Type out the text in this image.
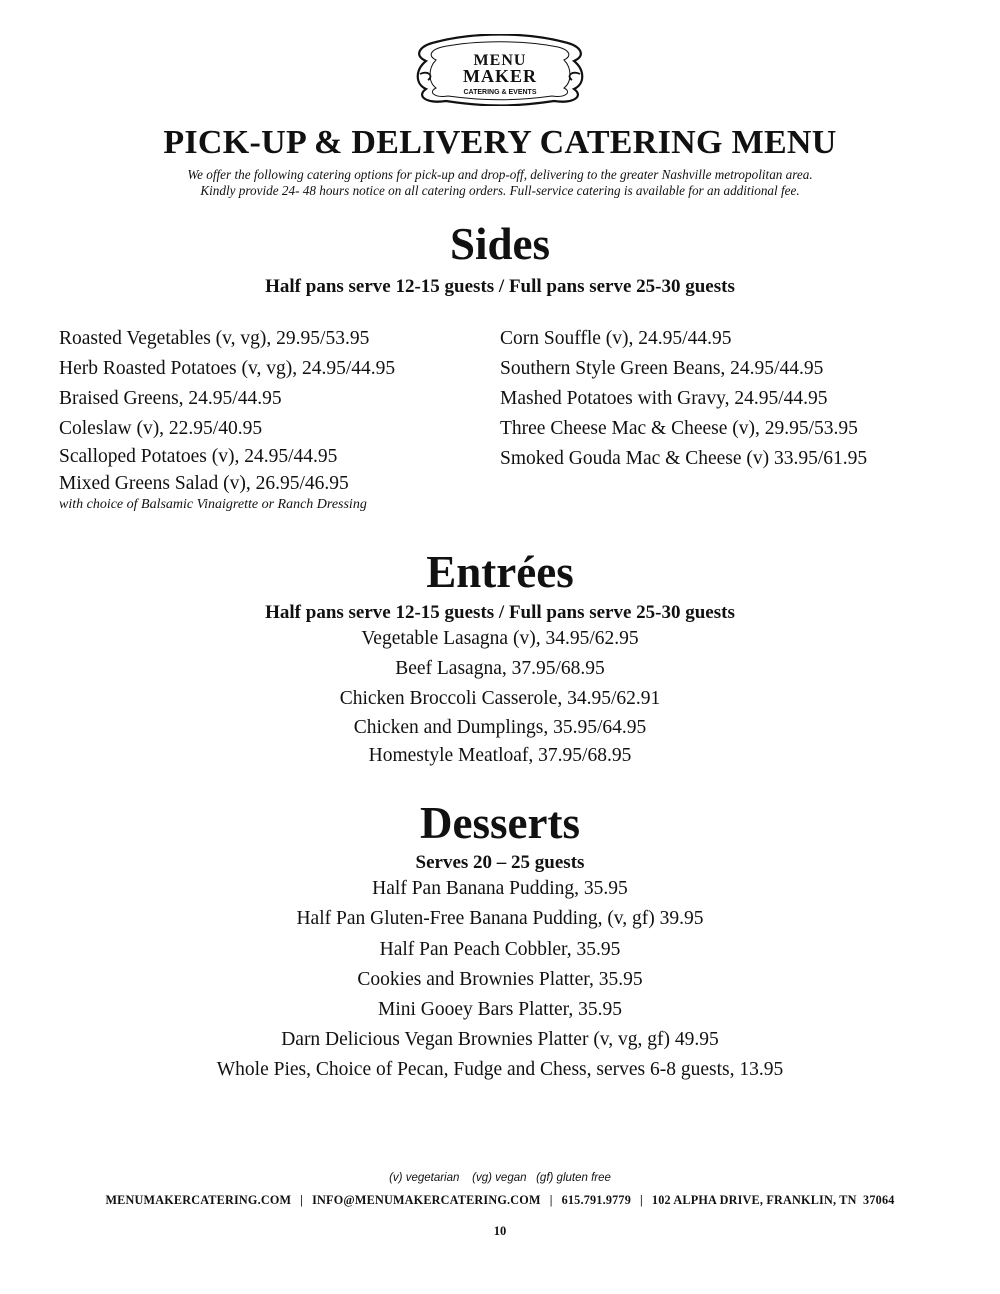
MENU
MAKER
CATERING & EVENTS
PICK-UP & DELIVERY CATERING MENU
We offer the following catering options for pick-up and drop-off, delivering to the greater Nashville metropolitan area.
Kindly provide 24- 48 hours notice on all catering orders. Full-service catering is available for an additional fee.
Sides
Half pans serve 12-15 guests / Full pans serve 25-30 guests
Roasted Vegetables (v, vg), 29.95/53.95
Herb Roasted Potatoes (v, vg), 24.95/44.95
Braised Greens, 24.95/44.95
Coleslaw (v), 22.95/40.95
Scalloped Potatoes (v), 24.95/44.95
Mixed Greens Salad (v), 26.95/46.95
with choice of Balsamic Vinaigrette or Ranch Dressing
Corn Souffle (v), 24.95/44.95
Southern Style Green Beans, 24.95/44.95
Mashed Potatoes with Gravy, 24.95/44.95
Three Cheese Mac & Cheese (v), 29.95/53.95
Smoked Gouda Mac & Cheese (v) 33.95/61.95
Entrées
Half pans serve 12-15 guests / Full pans serve 25-30 guests
Vegetable Lasagna (v), 34.95/62.95
Beef Lasagna, 37.95/68.95
Chicken Broccoli Casserole, 34.95/62.91
Chicken and Dumplings, 35.95/64.95
Homestyle Meatloaf, 37.95/68.95
Desserts
Serves 20 – 25 guests
Half Pan Banana Pudding, 35.95
Half Pan Gluten-Free Banana Pudding, (v, gf) 39.95
Half Pan Peach Cobbler, 35.95
Cookies and Brownies Platter, 35.95
Mini Gooey Bars Platter, 35.95
Darn Delicious Vegan Brownies Platter (v, vg, gf) 49.95
Whole Pies, Choice of Pecan, Fudge and Chess, serves 6-8 guests, 13.95
(v) vegetarian    (vg) vegan   (gf) gluten free
MENUMAKERCATERING.COM | INFO@MENUMAKERCATERING.COM | 615.791.9779 | 102 ALPHA DRIVE, FRANKLIN, TN  37064
10
